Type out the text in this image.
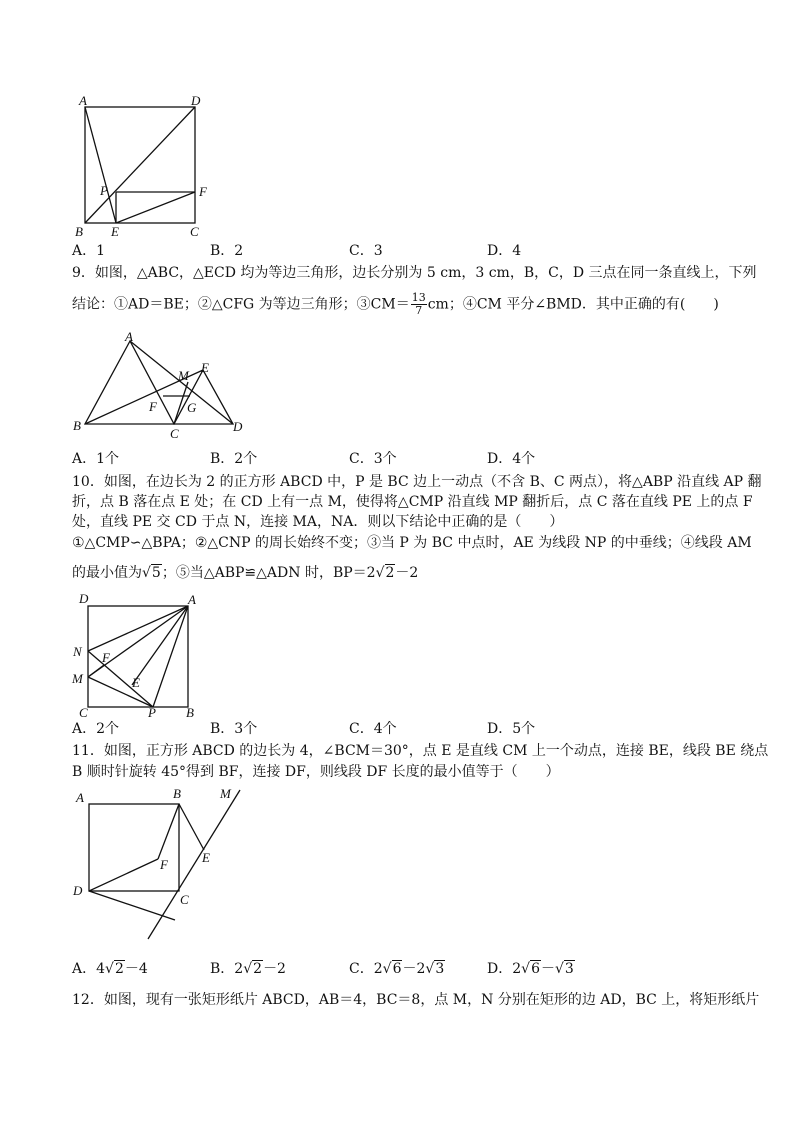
A	D
P	F
B E	C
A．1	B．2	C．3	D．4
9．如图，△ABC，△ECD 均为等边三角形，边长分别为 5 cm，3 cm，B，C，D 三点在同一条直线上，下列
结论：①AD＝BE；②△CFG 为等边三角形；③CM＝ $\frac{13}{7}$ cm；④CM 平分∠BMD．其中正确的有(　　)
A
M
E
F G
B
C	D
A．1个	B．2个	C．3个	D．4个
10．如图，在边长为 2 的正方形 ABCD 中，P 是 BC 边上一动点（不含 B、C 两点），将△ABP 沿直线 AP 翻
折，点 B 落在点 E 处；在 CD 上有一点 M，使得将△CMP 沿直线 MP 翻折后，点 C 落在直线 PE 上的点 F
处，直线 PE 交 CD 于点 N，连接 MA，NA．则以下结论中正确的是（　　）
①△CMP∽△BPA；②△CNP 的周长始终不变；③当 P 为 BC 中点时，AE 为线段 NP 的中垂线；④线段 AM
的最小值为√5；⑤当△ABP≌△ADN 时，BP＝2√2－2
D	A
N F
M	E
C	P B
A．2个	B．3个	C．4个	D．5个
11．如图，正方形 ABCD 的边长为 4，∠BCM＝30°，点 E 是直线 CM 上一个动点，连接 BE，线段 BE 绕点
B 顺时针旋转 45°得到 BF，连接 DF，则线段 DF 长度的最小值等于（　　）
A	B	M
F	E
D
C
A．4√2－4	B．2√2－2	C．2√6－2√3	D．2√6－√3
12．如图，现有一张矩形纸片 ABCD，AB＝4，BC＝8，点 M，N 分别在矩形的边 AD，BC 上，将矩形纸片
